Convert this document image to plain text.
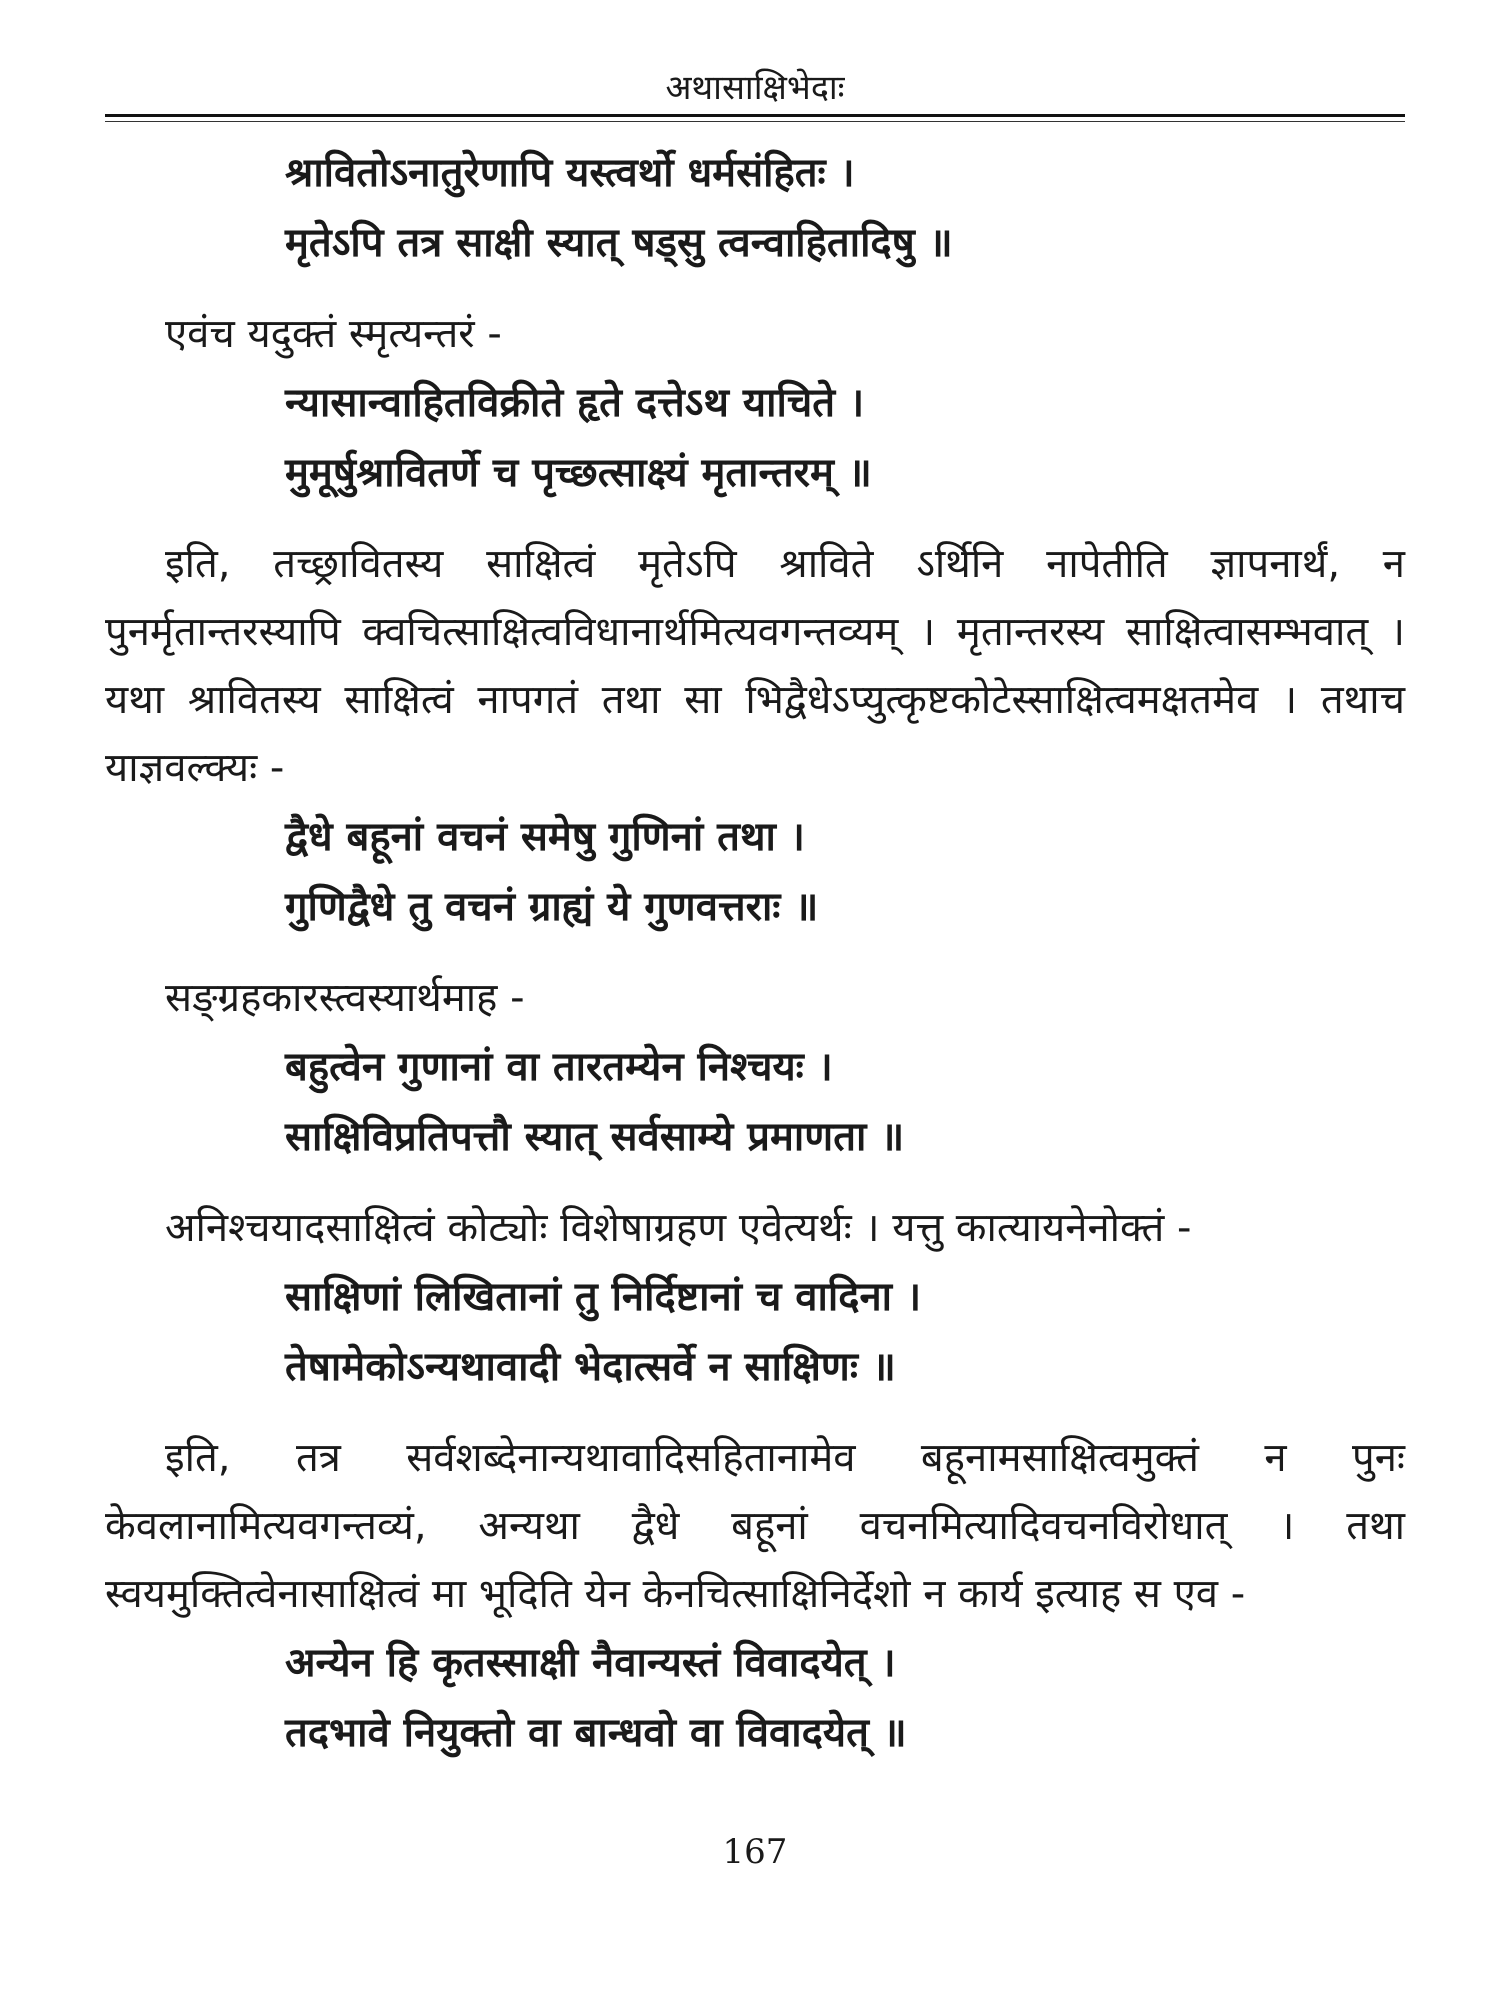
अथासाक्षिभेदाः
श्रावितोऽनातुरेणापि यस्त्वर्थो धर्मसंहितः ।
मृतेऽपि तत्र साक्षी स्यात् षड्सु त्वन्वाहितादिषु ॥
एवंच यदुक्तं स्मृत्यन्तरं -
न्यासान्वाहितविक्रीते हृते दत्तेऽथ याचिते ।
मुमूर्षुश्रावितर्णे च पृच्छत्साक्ष्यं मृतान्तरम् ॥
इति, तच्छ्रावितस्य साक्षित्वं मृतेऽपि श्राविते ऽर्थिनि नापेतीति ज्ञापनार्थं, न पुनर्मृतान्तरस्यापि क्वचित्साक्षित्वविधानार्थमित्यवगन्तव्यम् । मृतान्तरस्य साक्षित्वासम्भवात् । यथा श्रावितस्य साक्षित्वं नापगतं तथा सा भिद्वैधेऽप्युत्कृष्टकोटेस्साक्षित्वमक्षतमेव । तथाच याज्ञवल्क्यः -
द्वैधे बहूनां वचनं समेषु गुणिनां तथा ।
गुणिद्वैधे तु वचनं ग्राह्यं ये गुणवत्तराः ॥
सङ्ग्रहकारस्त्वस्यार्थमाह -
बहुत्वेन गुणानां वा तारतम्येन निश्चयः ।
साक्षिविप्रतिपत्तौ स्यात् सर्वसाम्ये प्रमाणता ॥
अनिश्चयादसाक्षित्वं कोट्योः विशेषाग्रहण एवेत्यर्थः । यत्तु कात्यायनेनोक्तं -
साक्षिणां लिखितानां तु निर्दिष्टानां च वादिना ।
तेषामेकोऽन्यथावादी भेदात्सर्वे न साक्षिणः ॥
इति, तत्र सर्वशब्देनान्यथावादिसहितानामेव बहूनामसाक्षित्वमुक्तं न पुनः केवलानामित्यवगन्तव्यं, अन्यथा द्वैधे बहूनां वचनमित्यादिवचनविरोधात् । तथा स्वयमुक्तित्वेनासाक्षित्वं मा भूदिति येन केनचित्साक्षिनिर्देशो न कार्य इत्याह स एव -
अन्येन हि कृतस्साक्षी नैवान्यस्तं विवादयेत् ।
तदभावे नियुक्तो वा बान्धवो वा विवादयेत् ॥
167
